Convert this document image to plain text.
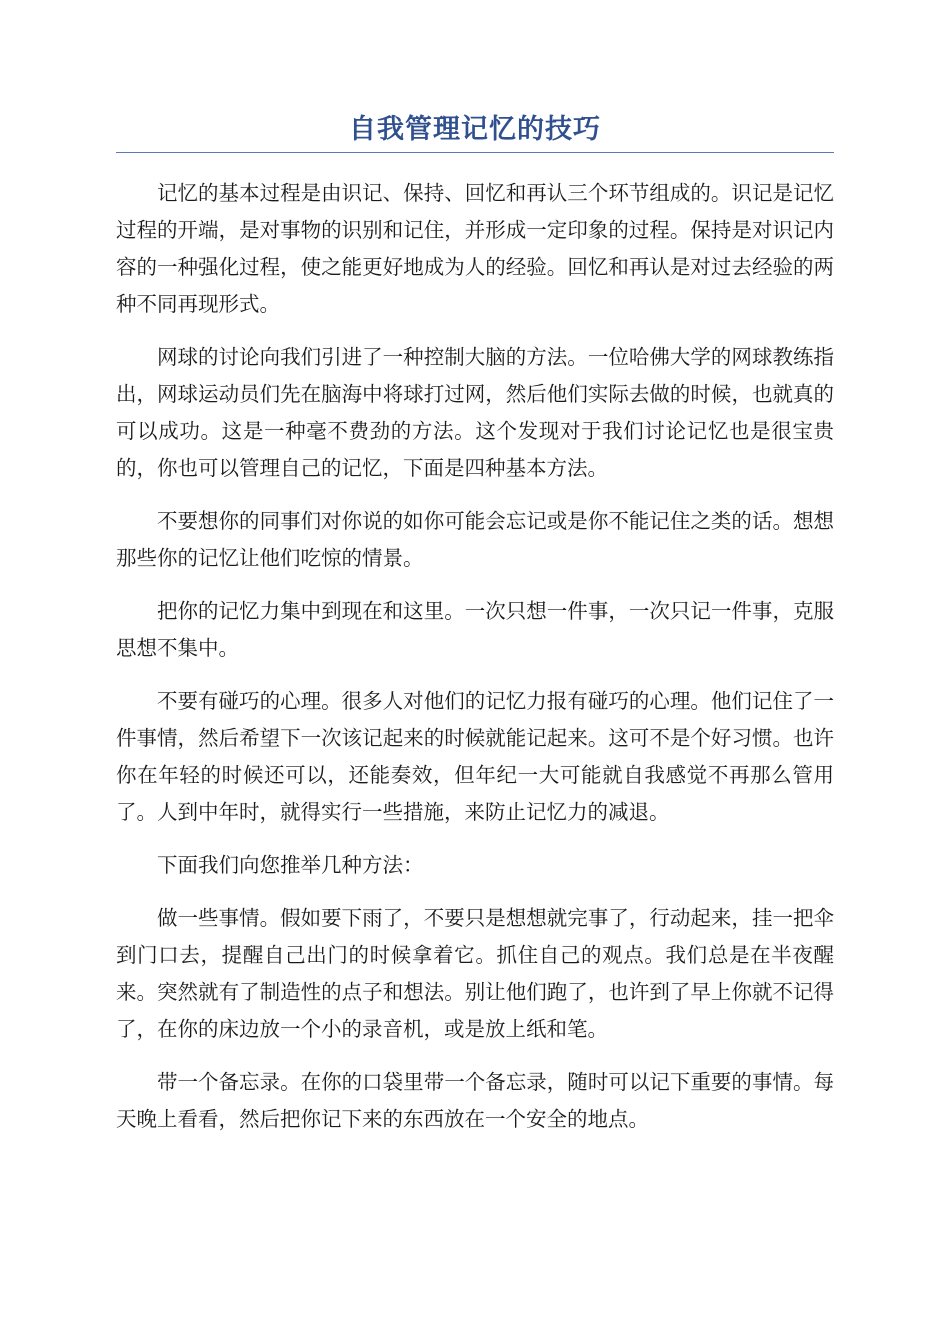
自我管理记忆的技巧

记忆的基本过程是由识记、保持、回忆和再认三个环节组成的。识记是记忆过程的开端，是对事物的识别和记住，并形成一定印象的过程。保持是对识记内容的一种强化过程，使之能更好地成为人的经验。回忆和再认是对过去经验的两种不同再现形式。

网球的讨论向我们引进了一种控制大脑的方法。一位哈佛大学的网球教练指出，网球运动员们先在脑海中将球打过网，然后他们实际去做的时候，也就真的可以成功。这是一种毫不费劲的方法。这个发现对于我们讨论记忆也是很宝贵的，你也可以管理自己的记忆，下面是四种基本方法。

不要想你的同事们对你说的如你可能会忘记或是你不能记住之类的话。想想那些你的记忆让他们吃惊的情景。

把你的记忆力集中到现在和这里。一次只想一件事，一次只记一件事，克服思想不集中。

不要有碰巧的心理。很多人对他们的记忆力报有碰巧的心理。他们记住了一件事情，然后希望下一次该记起来的时候就能记起来。这可不是个好习惯。也许你在年轻的时候还可以，还能奏效，但年纪一大可能就自我感觉不再那么管用了。人到中年时，就得实行一些措施，来防止记忆力的减退。

下面我们向您推举几种方法：

做一些事情。假如要下雨了，不要只是想想就完事了，行动起来，挂一把伞到门口去，提醒自己出门的时候拿着它。抓住自己的观点。我们总是在半夜醒来。突然就有了制造性的点子和想法。别让他们跑了，也许到了早上你就不记得了，在你的床边放一个小的录音机，或是放上纸和笔。

带一个备忘录。在你的口袋里带一个备忘录，随时可以记下重要的事情。每天晚上看看，然后把你记下来的东西放在一个安全的地点。
